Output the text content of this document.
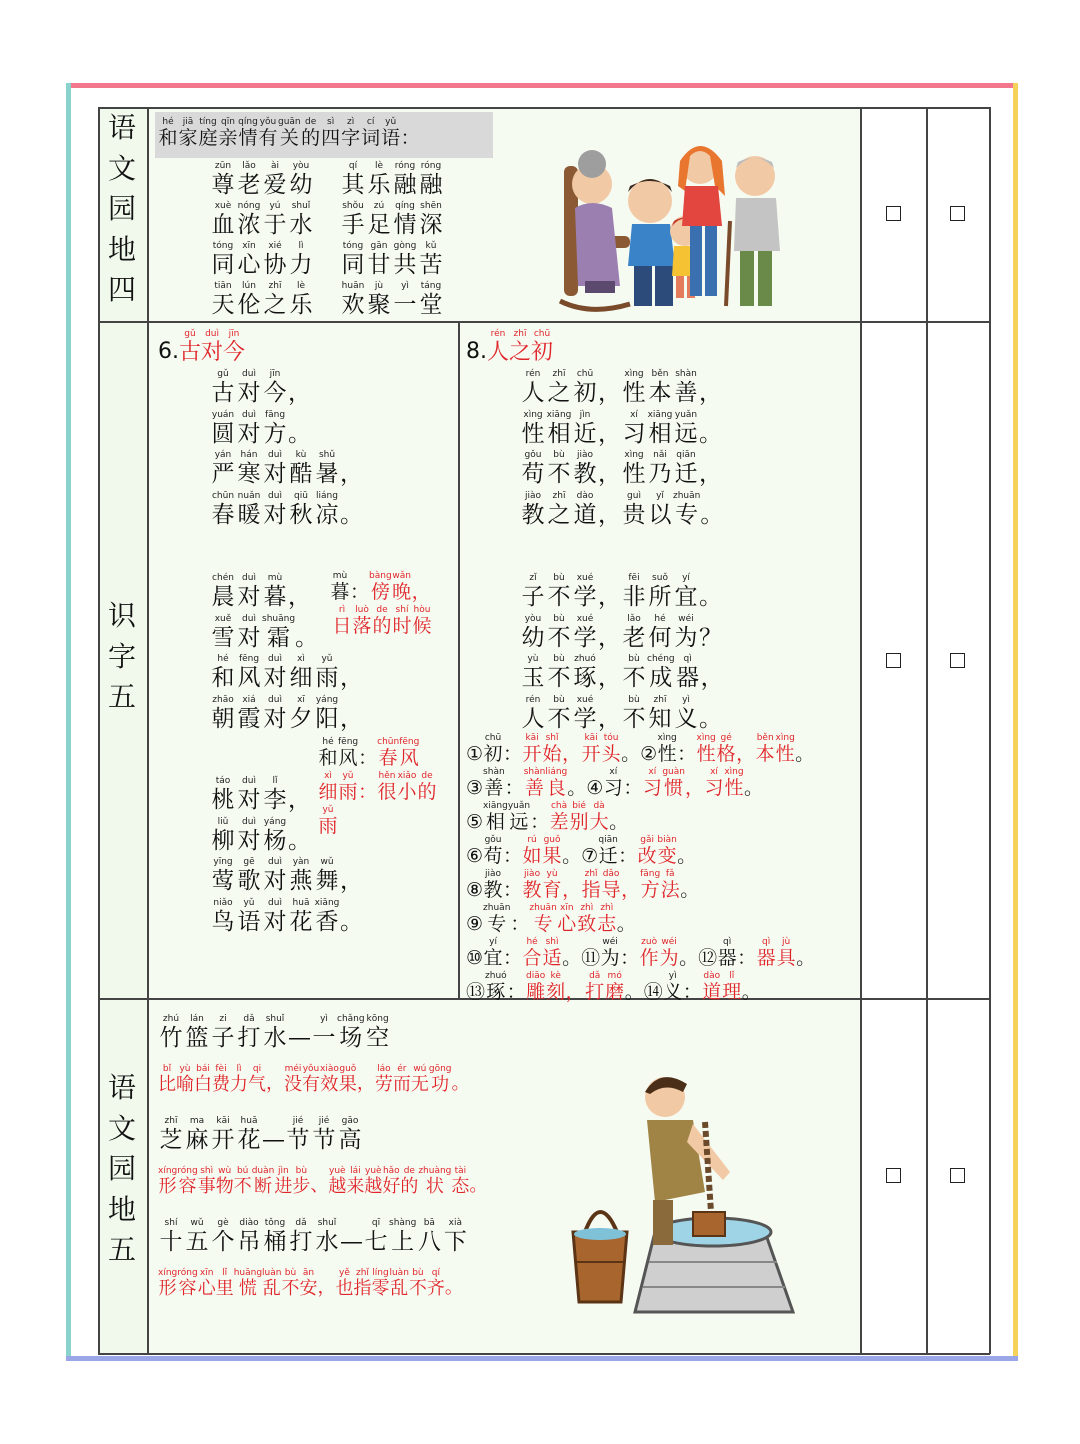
语
文
园
地
四
识
字
五
语
文
园
地
五
hé
和
jiā
家
tíng
庭
qīn
亲
qíng
情
yǒu
有
guān
关
de
的
sì
四
zì
字
cí
词
yǔ
语 ：
zūn
尊
lǎo
老
ài
爱
yòu
幼
qí
其
lè
乐
róng
融
róng
融
xuè
血
nóng
浓
yú
于
shuǐ
水
shǒu
手
zú
足
qíng
情
shēn
深
tóng
同
xīn
心
xié
协
lì
力
tóng
同
gān
甘
gòng
共
kǔ
苦
tiān
天
lún
伦
zhī
之
lè
乐
huān
欢
jù
聚
yì
一
táng
堂
6.
gǔ
古
duì
对
jīn
今
gǔ
古
duì
对
jīn
今 ，
yuán
圆
duì
对
fāng
方 。
yán
严
hán
寒
duì
对
kù
酷
shǔ
暑 ，
chūn
春
nuǎn
暖
duì
对
qiū
秋
liáng
凉 。
chén
晨
duì
对
mù
暮 ，
xuě
雪
duì
对
shuāng
霜 。
hé
和
fēng
风
duì
对
xì
细
yǔ
雨 ，
zhāo
朝
xiá
霞
duì
对
xī
夕
yáng
阳 ，
táo
桃
duì
对
lǐ
李 ，
liǔ
柳
duì
对
yáng
杨 。
yīng
莺
gē
歌
duì
对
yàn
燕
wǔ
舞 ，
niǎo
鸟
yǔ
语
duì
对
huā
花
xiāng
香 。
mù
暮 ：
bàng
傍
wǎn
晚 ，
rì
日
luò
落
de
的
shí
时
hòu
候
hé
和
fēng
风 ：
chūn
春
fēng
风
xì
细
yǔ
雨 ：
hěn
很
xiǎo
小
de
的
yǔ
雨
8.
rén
人
zhī
之
chū
初
rén
人
zhī
之
chū
初 ，
xìng
性
běn
本
shàn
善 ，
xìng
性
xiāng
相
jìn
近 ，
xí
习
xiāng
相
yuǎn
远 。
gǒu
苟
bù
不
jiào
教 ，
xìng
性
nǎi
乃
qiān
迁 ，
jiào
教
zhī
之
dào
道 ，
guì
贵
yǐ
以
zhuān
专 。
zǐ
子
bù
不
xué
学 ，
fēi
非
suǒ
所
yí
宜 。
yòu
幼
bù
不
xué
学 ，
lǎo
老
hé
何
wéi
为 ？
yù
玉
bù
不
zhuó
琢 ，
bù
不
chéng
成
qì
器 ，
rén
人
bù
不
xué
学 ，
bù
不
zhī
知
yì
义 。
①
chū
初 ：
kāi
开
shǐ
始 ，
kāi
开
tóu
头 。②
xìng
性 ：
xìng
性
gé
格 ，
běn
本
xìng
性 。
③
shàn
善 ：
shàn
善
liáng
良 。④
xí
习 ：
xí
习
guàn
惯 ，
xí
习
xìng
性 。
⑤
xiāng
相
yuǎn
远 ：
chà
差
bié
别
dà
大 。
⑥
gǒu
苟 ：
rú
如
guǒ
果 。⑦
qiān
迁 ：
gǎi
改
biàn
变 。
⑧
jiào
教 ：
jiào
教
yù
育 ，
zhǐ
指
dǎo
导 ，
fāng
方
fǎ
法 。
⑨
zhuān
专 ：
zhuān
专
xīn
心
zhì
致
zhì
志 。
⑩
yí
宜 ：
hé
合
shì
适 。⑪
wéi
为 ：
zuò
作
wéi
为 。⑫
qì
器 ：
qì
器
jù
具 。
⑬
zhuó
琢 ：
diāo
雕
kè
刻 ，
dǎ
打
mó
磨 。⑭
yì
义 ：
dào
道
lǐ
理 。
zhú
竹
lán
篮
zi
子
dǎ
打
shuǐ
水 —
yì
一
chǎng
场
kōng
空
bǐ
比
yù
喻
bái
白
fèi
费
lì
力
qi
气 ，
méi
没
yǒu
有
xiào
效
guǒ
果 ，
láo
劳
ér
而
wú
无
gōng
功 。
zhī
芝
ma
麻
kāi
开
huā
花 —
jié
节
jié
节
gāo
高
xíng
形
róng
容
shì
事
wù
物
bú
不
duàn
断
jìn
进
bù
步 、
yuè
越
lái
来
yuè
越
hǎo
好
de
的
zhuàng
状
tài
态 。
shí
十
wǔ
五
gè
个
diào
吊
tǒng
桶
dǎ
打
shuǐ
水 —
qī
七
shàng
上
bā
八
xià
下
xíng
形
róng
容
xīn
心
lǐ
里
huāng
慌
luàn
乱
bù
不
ān
安 ，
yě
也
zhǐ
指
líng
零
luàn
乱
bù
不
qí
齐 。
